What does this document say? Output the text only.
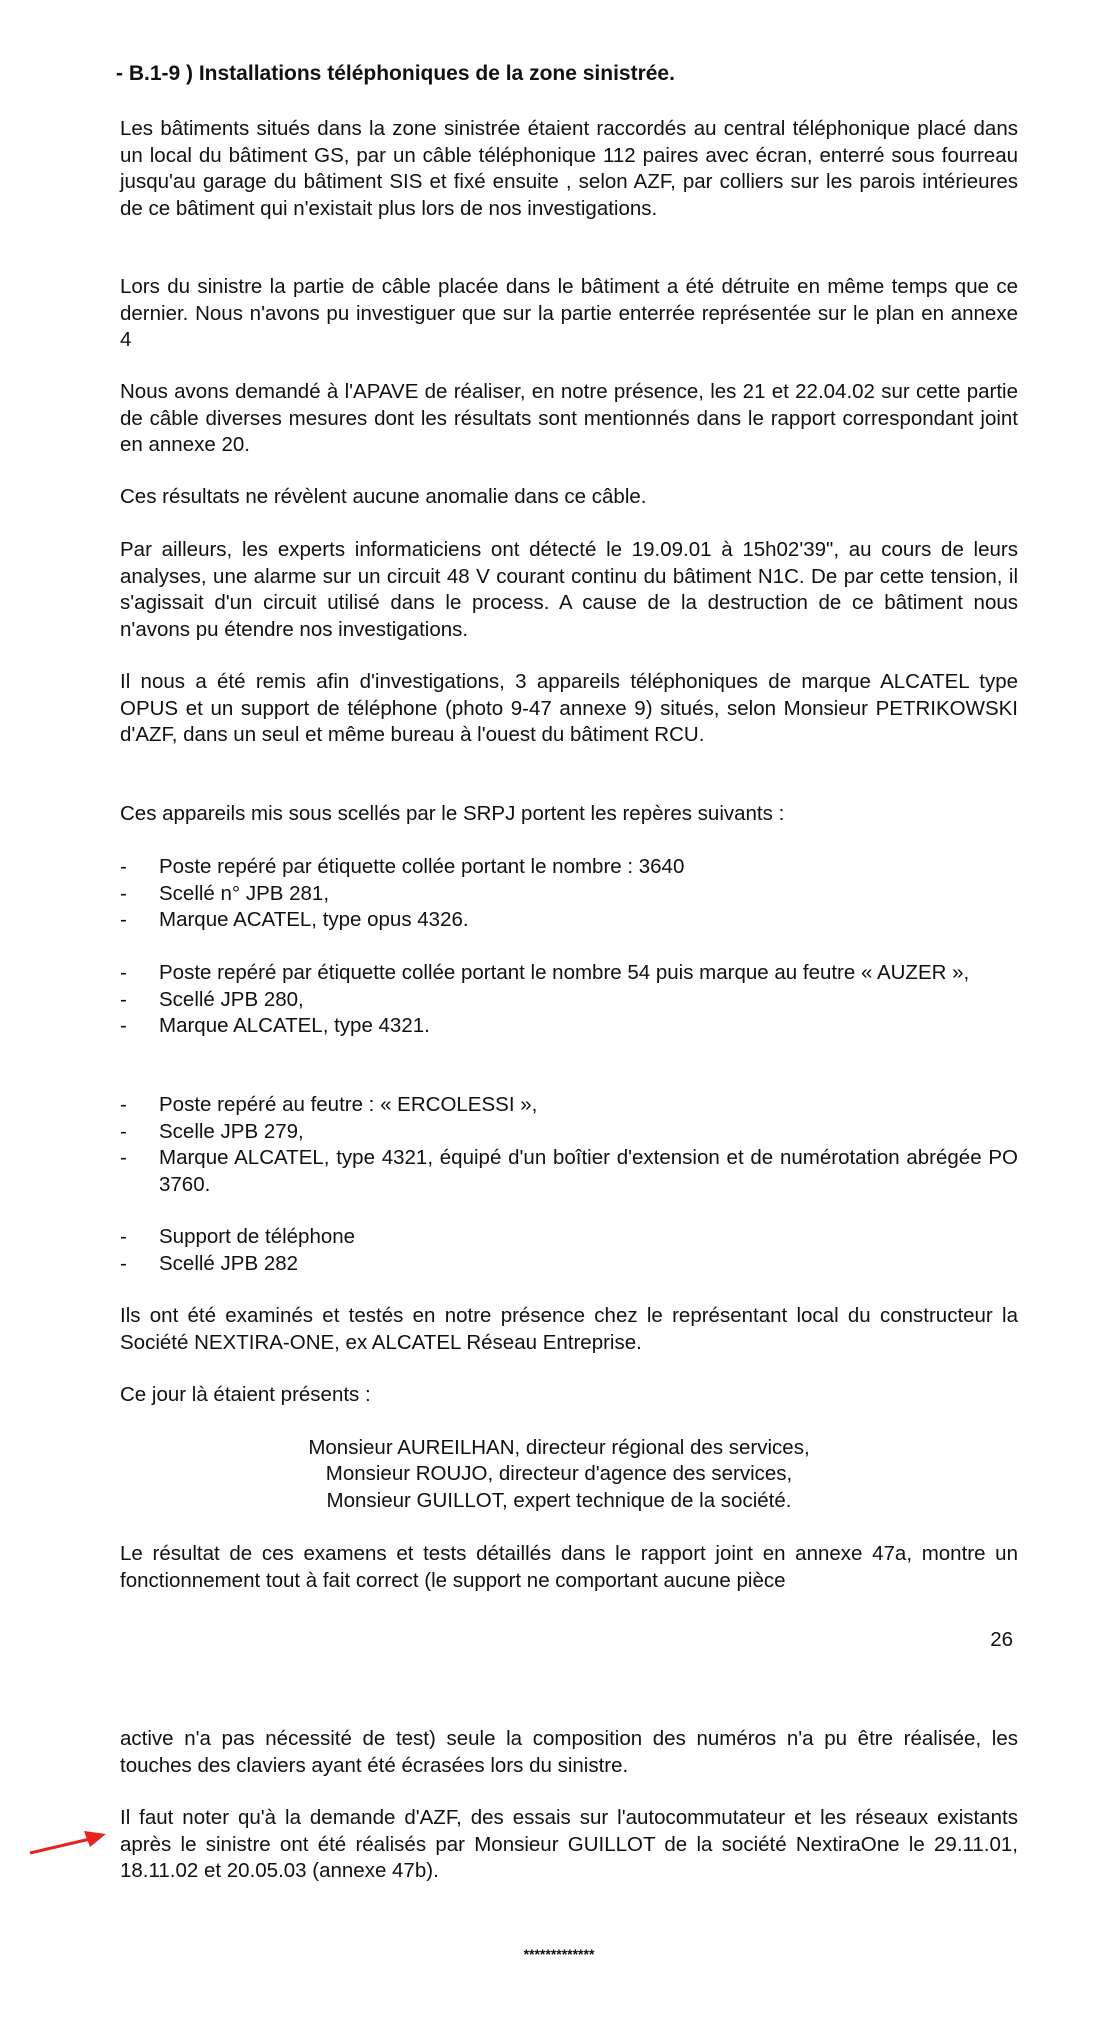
- B.1-9 ) Installations téléphoniques de la zone sinistrée.

Les bâtiments situés dans la zone sinistrée étaient raccordés au central téléphonique placé dans un local du bâtiment GS, par un câble téléphonique 112 paires avec écran, enterré sous fourreau jusqu'au garage du bâtiment SIS et fixé ensuite , selon AZF, par colliers sur les parois intérieures de ce bâtiment qui n'existait plus lors de nos investigations.

Lors du sinistre la partie de câble placée dans le bâtiment a été détruite en même temps que ce dernier. Nous n'avons pu investiguer que sur la partie enterrée représentée sur le plan en annexe 4

Nous avons demandé à l'APAVE de réaliser, en notre présence, les 21 et 22.04.02 sur cette partie de câble diverses mesures dont les résultats sont mentionnés dans le rapport correspondant joint en annexe 20.

Ces résultats ne révèlent aucune anomalie dans ce câble.

Par ailleurs, les experts informaticiens ont détecté le 19.09.01 à 15h02'39", au cours de leurs analyses, une alarme sur un circuit 48 V courant continu du bâtiment N1C. De par cette tension, il s'agissait d'un circuit utilisé dans le process. A cause de la destruction de ce bâtiment nous n'avons pu étendre nos investigations.

Il nous a été remis afin d'investigations, 3 appareils téléphoniques de marque ALCATEL type OPUS et un support de téléphone (photo 9-47 annexe 9) situés, selon Monsieur PETRIKOWSKI d'AZF, dans un seul et même bureau à l'ouest du bâtiment RCU.

Ces appareils mis sous scellés par le SRPJ portent les repères suivants :

- Poste repéré par étiquette collée portant le nombre : 3640
- Scellé n° JPB 281,
- Marque ACATEL, type opus 4326.
- Poste repéré par étiquette collée portant le nombre 54 puis marque au feutre « AUZER »,
- Scellé JPB 280,
- Marque ALCATEL, type 4321.
- Poste repéré au feutre : « ERCOLESSI »,
- Scelle JPB 279,
- Marque ALCATEL, type 4321, équipé d'un boîtier d'extension et de numérotation abrégée PO 3760.
- Support de téléphone
- Scellé JPB 282

Ils ont été examinés et testés en notre présence chez le représentant local du constructeur la Société NEXTIRA-ONE, ex ALCATEL Réseau Entreprise.

Ce jour là étaient présents :

Monsieur AUREILHAN, directeur régional des services,
Monsieur ROUJO, directeur d'agence des services,
Monsieur GUILLOT, expert technique de la société.

Le résultat de ces examens et tests détaillés dans le rapport joint en annexe 47a, montre un fonctionnement tout à fait correct (le support ne comportant aucune pièce

26

active n'a pas nécessité de test) seule la composition des numéros n'a pu être réalisée, les touches des claviers ayant été écrasées lors du sinistre.

Il faut noter qu'à la demande d'AZF, des essais sur l'autocommutateur et les réseaux existants après le sinistre ont été réalisés par Monsieur GUILLOT de la société NextiraOne le 29.11.01, 18.11.02 et 20.05.03 (annexe 47b).

*************
